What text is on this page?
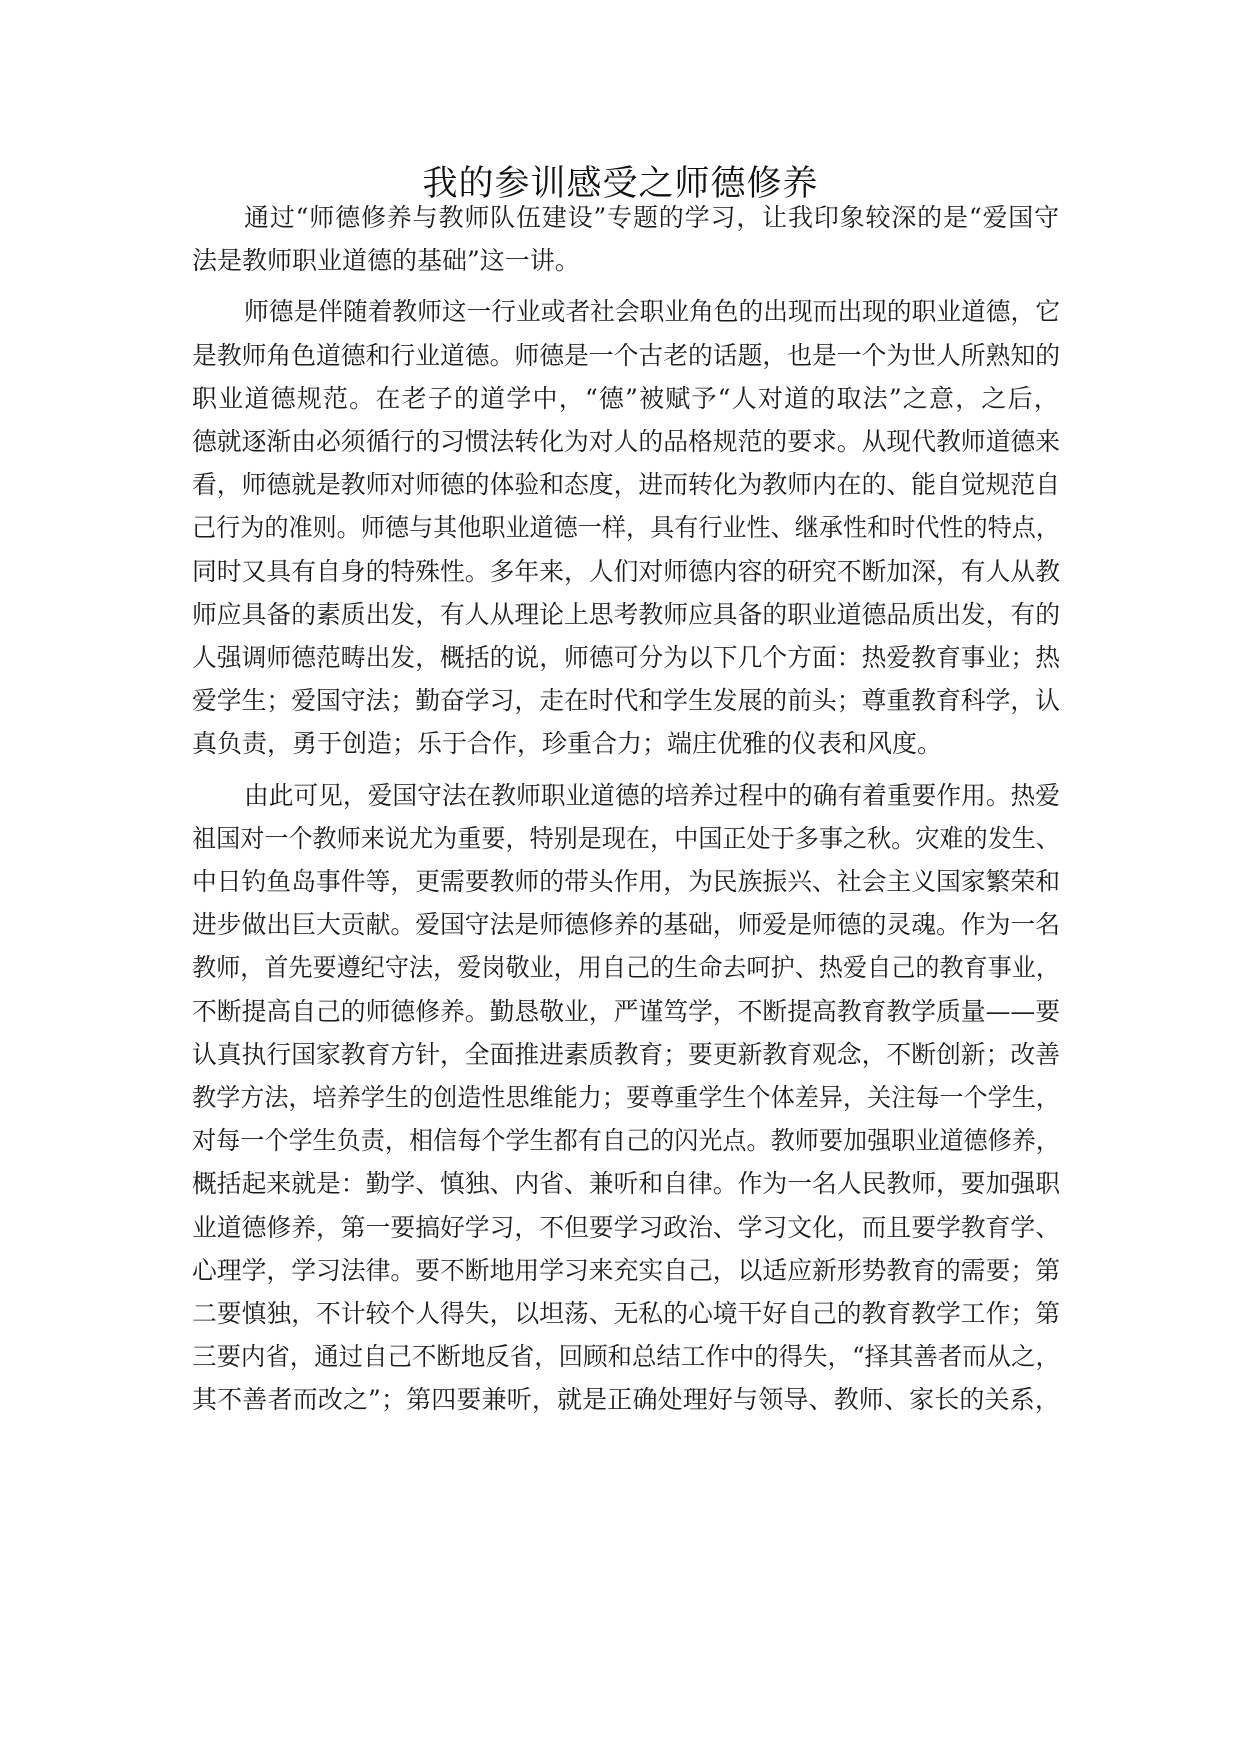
我的参训感受之师德修养
通过“师德修养与教师队伍建设”专题的学习，让我印象较深的是“爱国守
法是教师职业道德的基础”这一讲。
师德是伴随着教师这一行业或者社会职业角色的出现而出现的职业道德，它
是教师角色道德和行业道德。师德是一个古老的话题，也是一个为世人所熟知的
职业道德规范。在老子的道学中，“德”被赋予“人对道的取法”之意，之后，
德就逐渐由必须循行的习惯法转化为对人的品格规范的要求。从现代教师道德来
看，师德就是教师对师德的体验和态度，进而转化为教师内在的、能自觉规范自
己行为的准则。师德与其他职业道德一样，具有行业性、继承性和时代性的特点，
同时又具有自身的特殊性。多年来，人们对师德内容的研究不断加深，有人从教
师应具备的素质出发，有人从理论上思考教师应具备的职业道德品质出发，有的
人强调师德范畴出发，概括的说，师德可分为以下几个方面：热爱教育事业；热
爱学生；爱国守法；勤奋学习，走在时代和学生发展的前头；尊重教育科学，认
真负责，勇于创造；乐于合作，珍重合力；端庄优雅的仪表和风度。
由此可见，爱国守法在教师职业道德的培养过程中的确有着重要作用。热爱
祖国对一个教师来说尤为重要，特别是现在，中国正处于多事之秋。灾难的发生、
中日钓鱼岛事件等，更需要教师的带头作用，为民族振兴、社会主义国家繁荣和
进步做出巨大贡献。爱国守法是师德修养的基础，师爱是师德的灵魂。作为一名
教师，首先要遵纪守法，爱岗敬业，用自己的生命去呵护、热爱自己的教育事业，
不断提高自己的师德修养。勤恳敬业，严谨笃学，不断提高教育教学质量——要
认真执行国家教育方针，全面推进素质教育；要更新教育观念，不断创新；改善
教学方法，培养学生的创造性思维能力；要尊重学生个体差异，关注每一个学生，
对每一个学生负责，相信每个学生都有自己的闪光点。教师要加强职业道德修养，
概括起来就是：勤学、慎独、内省、兼听和自律。作为一名人民教师，要加强职
业道德修养，第一要搞好学习，不但要学习政治、学习文化，而且要学教育学、
心理学，学习法律。要不断地用学习来充实自己，以适应新形势教育的需要；第
二要慎独，不计较个人得失，以坦荡、无私的心境干好自己的教育教学工作；第
三要内省，通过自己不断地反省，回顾和总结工作中的得失，“择其善者而从之，
其不善者而改之”；第四要兼听，就是正确处理好与领导、教师、家长的关系，
